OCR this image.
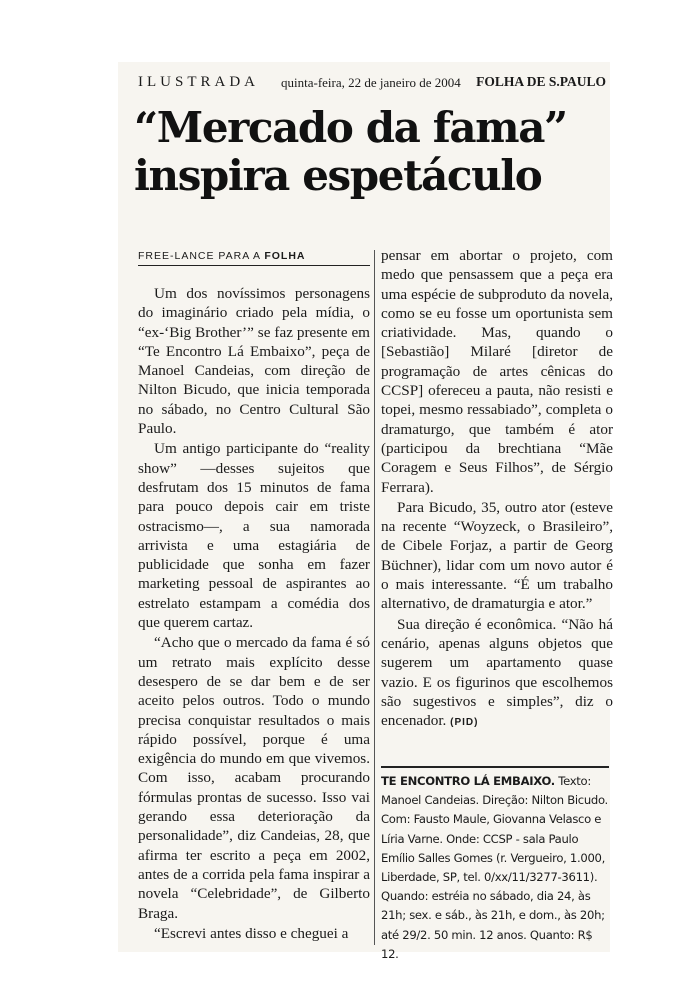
ILUSTRADA quinta-feira, 22 de janeiro de 2004 FOLHA DE S.PAULO
“Mercado da fama”
inspira espetáculo
FREE-LANCE PARA A FOLHA

Um dos novíssimos personagens do imaginário criado pela mídia, o “ex-‘Big Brother’” se faz presente em “Te Encontro Lá Embaixo”, peça de Manoel Candeias, com direção de Nilton Bicudo, que inicia temporada no sábado, no Centro Cultural São Paulo.

Um antigo participante do “reality show” —desses sujeitos que desfrutam dos 15 minutos de fama para pouco depois cair em triste ostracismo—, a sua namorada arrivista e uma estagiária de publicidade que sonha em fazer marketing pessoal de aspirantes ao estrelato estampam a comédia dos que querem cartaz.

“Acho que o mercado da fama é só um retrato mais explícito desse desespero de se dar bem e de ser aceito pelos outros. Todo o mundo precisa conquistar resultados o mais rápido possível, porque é uma exigência do mundo em que vivemos. Com isso, acabam procurando fórmulas prontas de sucesso. Isso vai gerando essa deterioração da personalidade”, diz Candeias, 28, que afirma ter escrito a peça em 2002, antes de a corrida pela fama inspirar a novela “Celebridade”, de Gilberto Braga.

“Escrevi antes disso e cheguei a

pensar em abortar o projeto, com medo que pensassem que a peça era uma espécie de subproduto da novela, como se eu fosse um oportunista sem criatividade. Mas, quando o [Sebastião] Milaré [diretor de programação de artes cênicas do CCSP] ofereceu a pauta, não resisti e topei, mesmo ressabiado”, completa o dramaturgo, que também é ator (participou da brechtiana “Mãe Coragem e Seus Filhos”, de Sérgio Ferrara).

Para Bicudo, 35, outro ator (esteve na recente “Woyzeck, o Brasileiro”, de Cibele Forjaz, a partir de Georg Büchner), lidar com um novo autor é o mais interessante. “É um trabalho alternativo, de dramaturgia e ator.”

Sua direção é econômica. “Não há cenário, apenas alguns objetos que sugerem um apartamento quase vazio. E os figurinos que escolhemos são sugestivos e simples”, diz o encenador. (PID)

TE ENCONTRO LÁ EMBAIXO. Texto: Manoel Candeias. Direção: Nilton Bicudo. Com: Fausto Maule, Giovanna Velasco e Líria Varne. Onde: CCSP - sala Paulo Emílio Salles Gomes (r. Vergueiro, 1.000, Liberdade, SP, tel. 0/xx/11/3277-3611). Quando: estréia no sábado, dia 24, às 21h; sex. e sáb., às 21h, e dom., às 20h; até 29/2. 50 min. 12 anos. Quanto: R$ 12.
